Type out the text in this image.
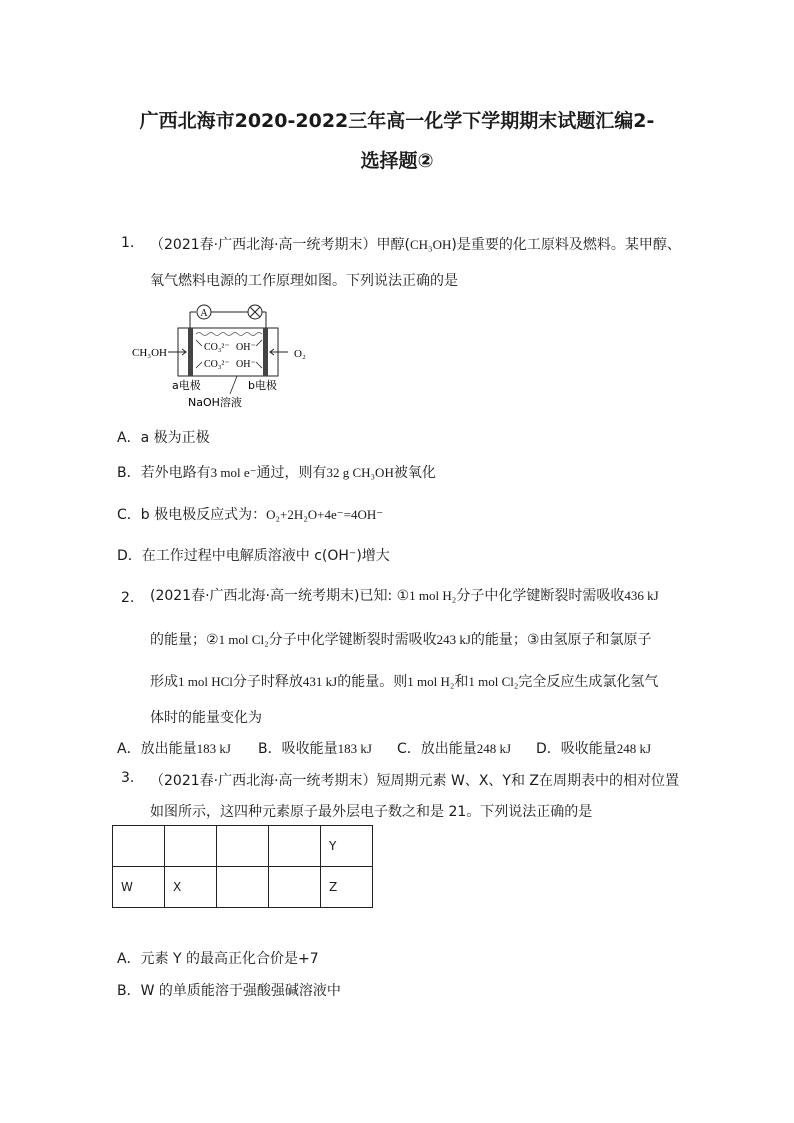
广西北海市2020-2022三年高一化学下学期期末试题汇编2-
选择题②
1. （2021春·广西北海·高一统考期末）甲醇(CH₃OH)是重要的化工原料及燃料。某甲醇、
氧气燃料电源的工作原理如图。下列说法正确的是
A
CH₃OH	O₂
CO₃²⁻ OH⁻
CO₃²⁻ OH⁻
a电极	b电极
NaOH溶液
A．a 极为正极
B．若外电路有3 mol e⁻通过，则有32 g CH₃OH被氧化
C．b 极电极反应式为：O₂+2H₂O+4e⁻=4OH⁻
D．在工作过程中电解质溶液中 c(OH⁻)增大
2. (2021春·广西北海·高一统考期末)已知: ①1 mol H₂分子中化学键断裂时需吸收436 kJ
的能量；②1 mol Cl₂分子中化学键断裂时需吸收243 kJ的能量；③由氢原子和氯原子
形成1 mol HCl分子时释放431 kJ的能量。则1 mol H₂和1 mol Cl₂完全反应生成氯化氢气
体时的能量变化为
A．放出能量183 kJ B．吸收能量183 kJ C．放出能量248 kJ D．吸收能量248 kJ
3. （2021春·广西北海·高一统考期末）短周期元素 W、X、Y和 Z在周期表中的相对位置
如图所示，这四种元素原子最外层电子数之和是 21。下列说法正确的是
				Y
W	X			Z
A．元素 Y 的最高正化合价是+7
B．W 的单质能溶于强酸强碱溶液中
